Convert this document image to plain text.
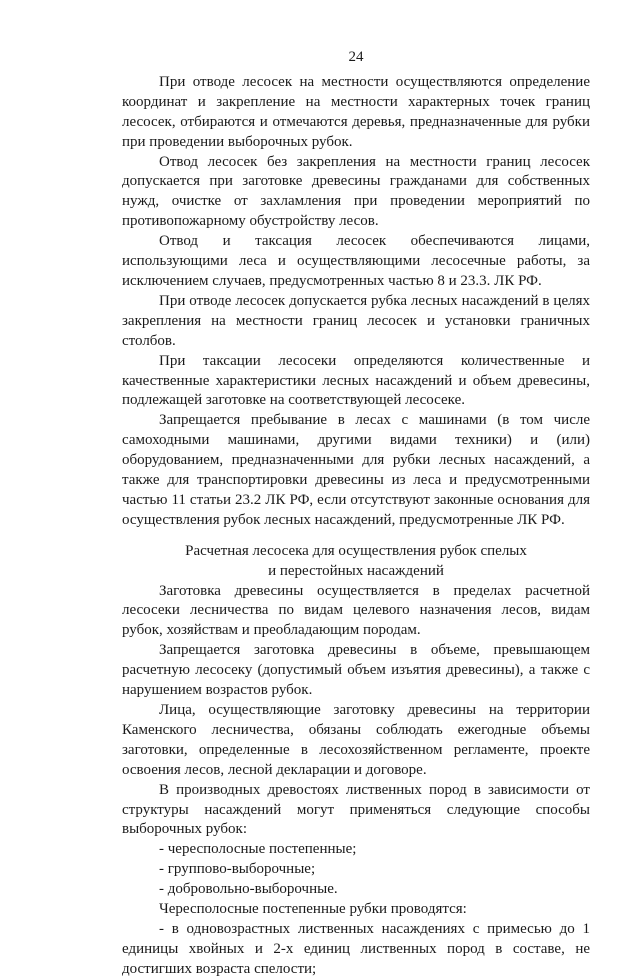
24

При отводе лесосек на местности осуществляются определение координат и закрепление на местности характерных точек границ лесосек, отбираются и отмечаются деревья, предназначенные для рубки при проведении выборочных рубок.

Отвод лесосек без закрепления на местности границ лесосек допускается при заготовке древесины гражданами для собственных нужд, очистке от захламления при проведении мероприятий по противопожарному обустройству лесов.

Отвод и таксация лесосек обеспечиваются лицами, использующими леса и осуществляющими лесосечные работы, за исключением случаев, предусмотренных частью 8 и 23.3. ЛК РФ.

При отводе лесосек допускается рубка лесных насаждений в целях закрепления на местности границ лесосек и установки граничных столбов.

При таксации лесосеки определяются количественные и качественные характеристики лесных насаждений и объем древесины, подлежащей заготовке на соответствующей лесосеке.

Запрещается пребывание в лесах с машинами (в том числе самоходными машинами, другими видами техники) и (или) оборудованием, предназначенными для рубки лесных насаждений, а также для транспортировки древесины из леса и предусмотренными частью 11 статьи 23.2 ЛК РФ, если отсутствуют законные основания для осуществления рубок лесных насаждений, предусмотренные ЛК РФ.

Расчетная лесосека для осуществления рубок спелых
и перестойных насаждений

Заготовка древесины осуществляется в пределах расчетной лесосеки лесничества по видам целевого назначения лесов, видам рубок, хозяйствам и преобладающим породам.

Запрещается заготовка древесины в объеме, превышающем расчетную лесосеку (допустимый объем изъятия древесины), а также с нарушением возрастов рубок.

Лица, осуществляющие заготовку древесины на территории Каменского лесничества, обязаны соблюдать ежегодные объемы заготовки, определенные в лесохозяйственном регламенте, проекте освоения лесов, лесной декларации и договоре.

В производных древостоях лиственных пород в зависимости от структуры насаждений могут применяться следующие способы выборочных рубок:

- чересполосные постепенные;

- группово-выборочные;

- добровольно-выборочные.

Чересполосные постепенные рубки проводятся:

- в одновозрастных лиственных насаждениях с примесью до 1 единицы хвойных и 2-х единиц лиственных пород в составе, не достигших возраста спелости;
